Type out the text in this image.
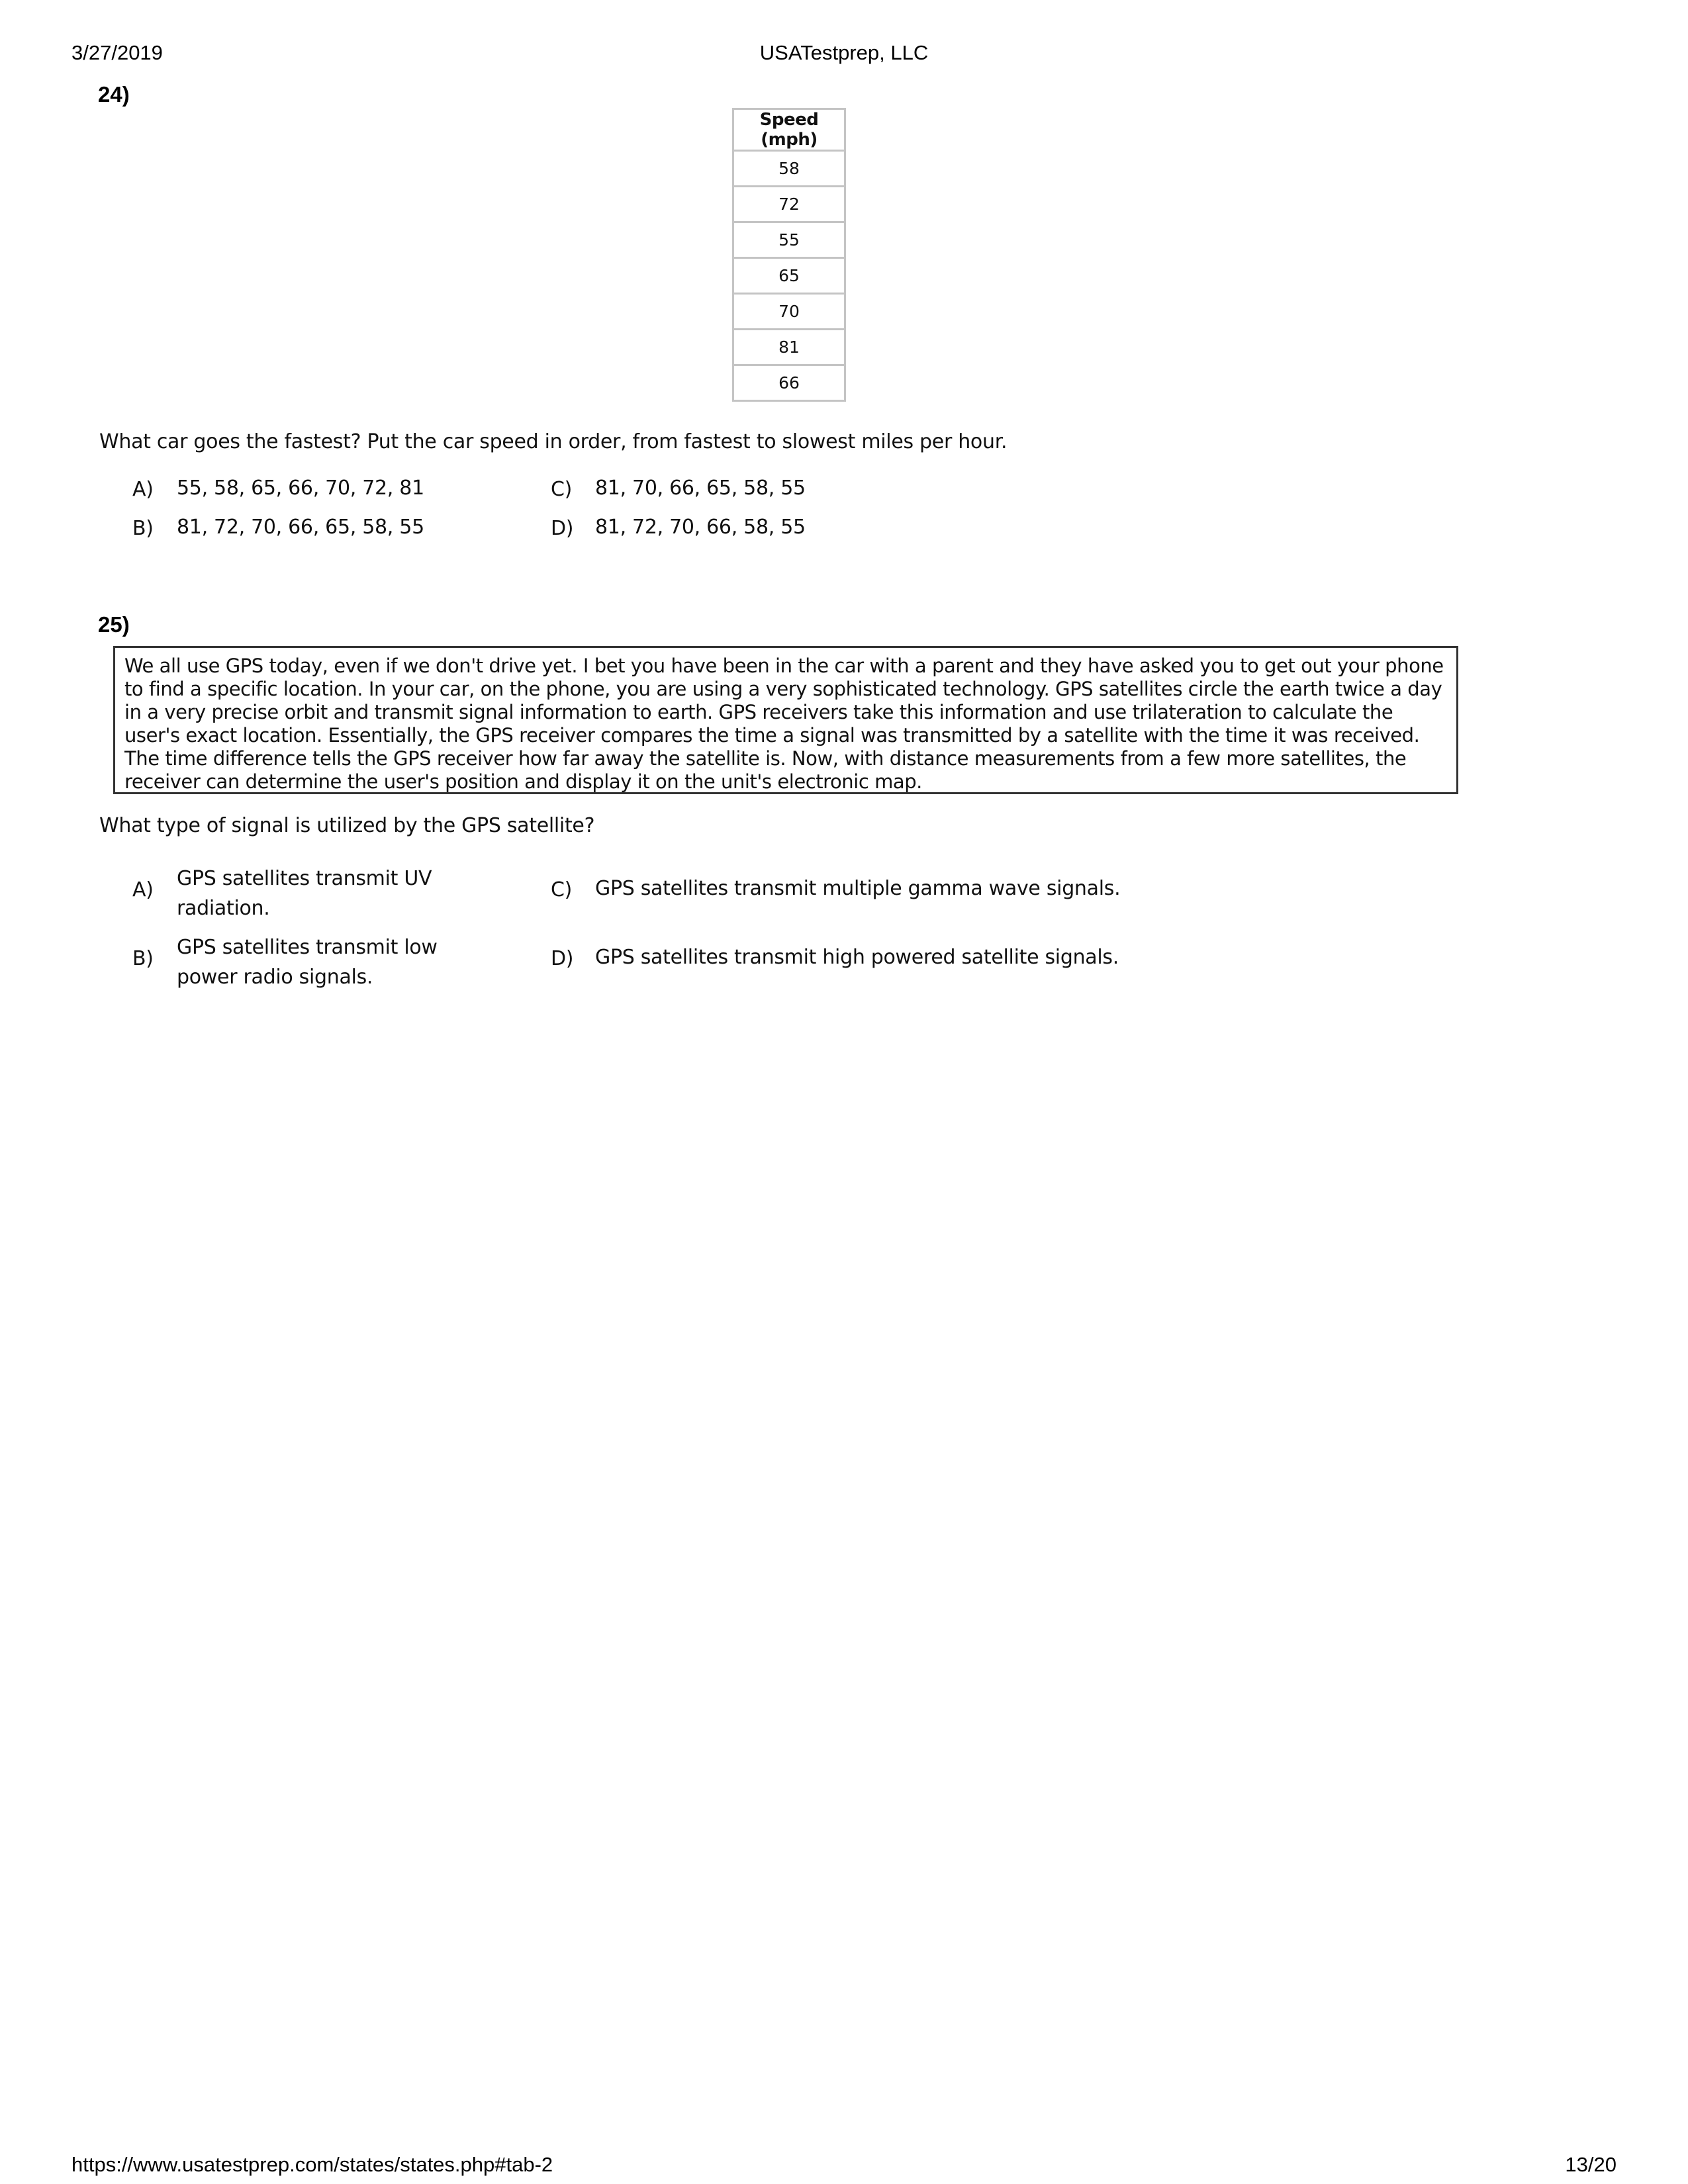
3/27/2019	USATestprep, LLC
24)
Speed (mph)
58
72
55
65
70
81
66
What car goes the fastest? Put the car speed in order, from fastest to slowest miles per hour.
A) 55, 58, 65, 66, 70, 72, 81
B) 81, 72, 70, 66, 65, 58, 55
C) 81, 70, 66, 65, 58, 55
D) 81, 72, 70, 66, 58, 55
25)
We all use GPS today, even if we don't drive yet. I bet you have been in the car with a parent and they have asked you to get out your phone to find a specific location. In your car, on the phone, you are using a very sophisticated technology. GPS satellites circle the earth twice a day in a very precise orbit and transmit signal information to earth. GPS receivers take this information and use trilateration to calculate the user's exact location. Essentially, the GPS receiver compares the time a signal was transmitted by a satellite with the time it was received. The time difference tells the GPS receiver how far away the satellite is. Now, with distance measurements from a few more satellites, the receiver can determine the user's position and display it on the unit's electronic map.
What type of signal is utilized by the GPS satellite?
A) GPS satellites transmit UV radiation.
B) GPS satellites transmit low power radio signals.
C) GPS satellites transmit multiple gamma wave signals.
D) GPS satellites transmit high powered satellite signals.
https://www.usatestprep.com/states/states.php#tab-2	13/20
